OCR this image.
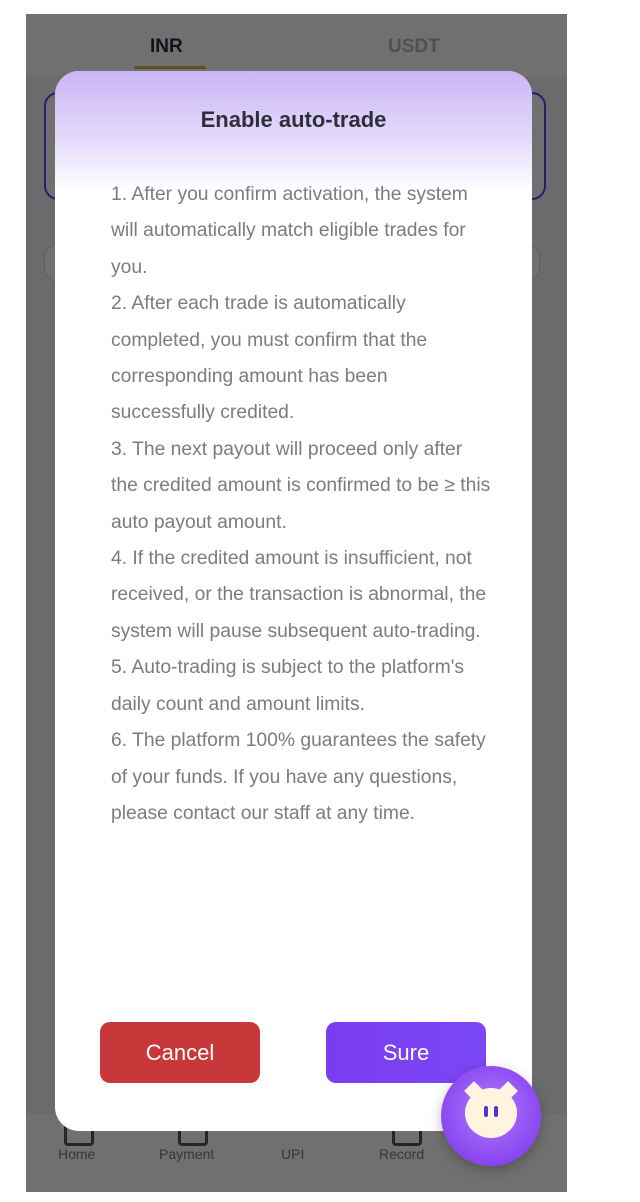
Enable auto-trade

1. After you confirm activation, the system will automatically match eligible trades for you.

2. After each trade is automatically completed, you must confirm that the corresponding amount has been successfully credited.

3. The next payout will proceed only after the credited amount is confirmed to be ≥ this auto payout amount.

4. If the credited amount is insufficient, not received, or the transaction is abnormal, the system will pause subsequent auto-trading.

5. Auto-trading is subject to the platform's daily count and amount limits.

6. The platform 100% guarantees the safety of your funds. If you have any questions, please contact our staff at any time.

Cancel	Sure
